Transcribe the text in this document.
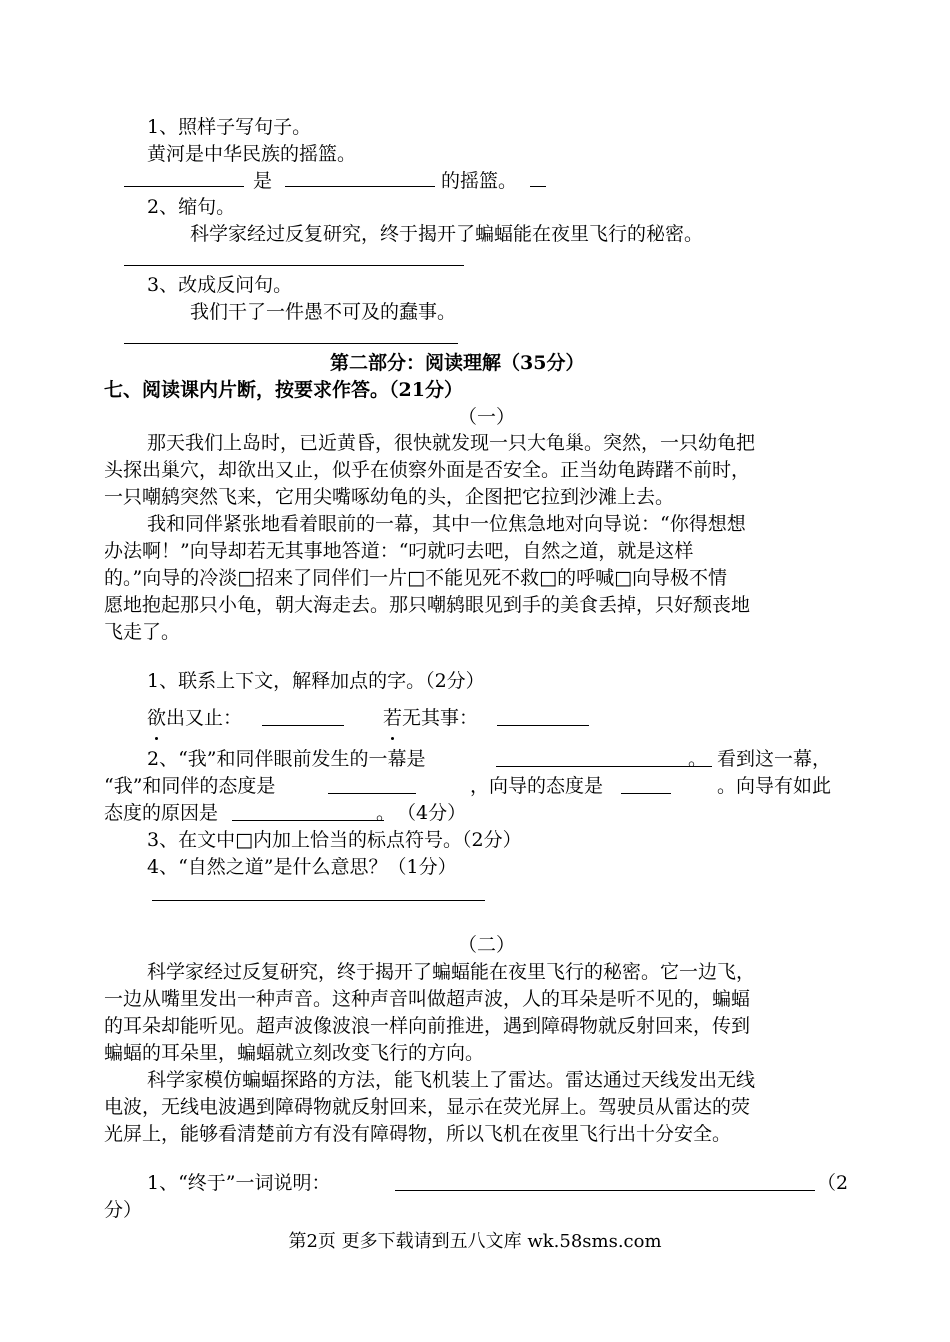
1、照样子写句子。
黄河是中华民族的摇篮。
是	的摇篮。
2、缩句。
科学家经过反复研究，终于揭开了蝙蝠能在夜里飞行的秘密。
3、改成反问句。
我们干了一件愚不可及的蠢事。
第二部分：阅读理解（35分）
七、阅读课内片断，按要求作答。（21分）
（一）
那天我们上岛时，已近黄昏，很快就发现一只大龟巢。突然，一只幼龟把
头探出巢穴，却欲出又止，似乎在侦察外面是否安全。正当幼龟踌躇不前时，
一只嘲鸫突然飞来，它用尖嘴啄幼龟的头，企图把它拉到沙滩上去。
我和同伴紧张地看着眼前的一幕，其中一位焦急地对向导说：“你得想想
办法啊！”向导却若无其事地答道：“叼就叼去吧，自然之道，就是这样
的。”向导的冷淡□招来了同伴们一片□不能见死不救□的呼喊□向导极不情
愿地抱起那只小龟，朝大海走去。那只嘲鸫眼见到手的美食丢掉，只好颓丧地
飞走了。
1、联系上下文，解释加点的字。（2分）
欲出又止：	若无其事：
2、“我”和同伴眼前发生的一幕是	。 看到这一幕，
“我”和同伴的态度是	，向导的态度是	。向导有如此
态度的原因是	。 （4分）
3、在文中□内加上恰当的标点符号。（2分）
4、“自然之道”是什么意思？（1分）
（二）
科学家经过反复研究，终于揭开了蝙蝠能在夜里飞行的秘密。它一边飞，
一边从嘴里发出一种声音。这种声音叫做超声波，人的耳朵是听不见的，蝙蝠
的耳朵却能听见。超声波像波浪一样向前推进，遇到障碍物就反射回来，传到
蝙蝠的耳朵里，蝙蝠就立刻改变飞行的方向。
科学家模仿蝙蝠探路的方法，能飞机装上了雷达。雷达通过天线发出无线
电波，无线电波遇到障碍物就反射回来，显示在荧光屏上。驾驶员从雷达的荧
光屏上，能够看清楚前方有没有障碍物，所以飞机在夜里飞行出十分安全。
1、“终于”一词说明：	（2
分）
第2页 更多下载请到五八文库 wk.58sms.com
